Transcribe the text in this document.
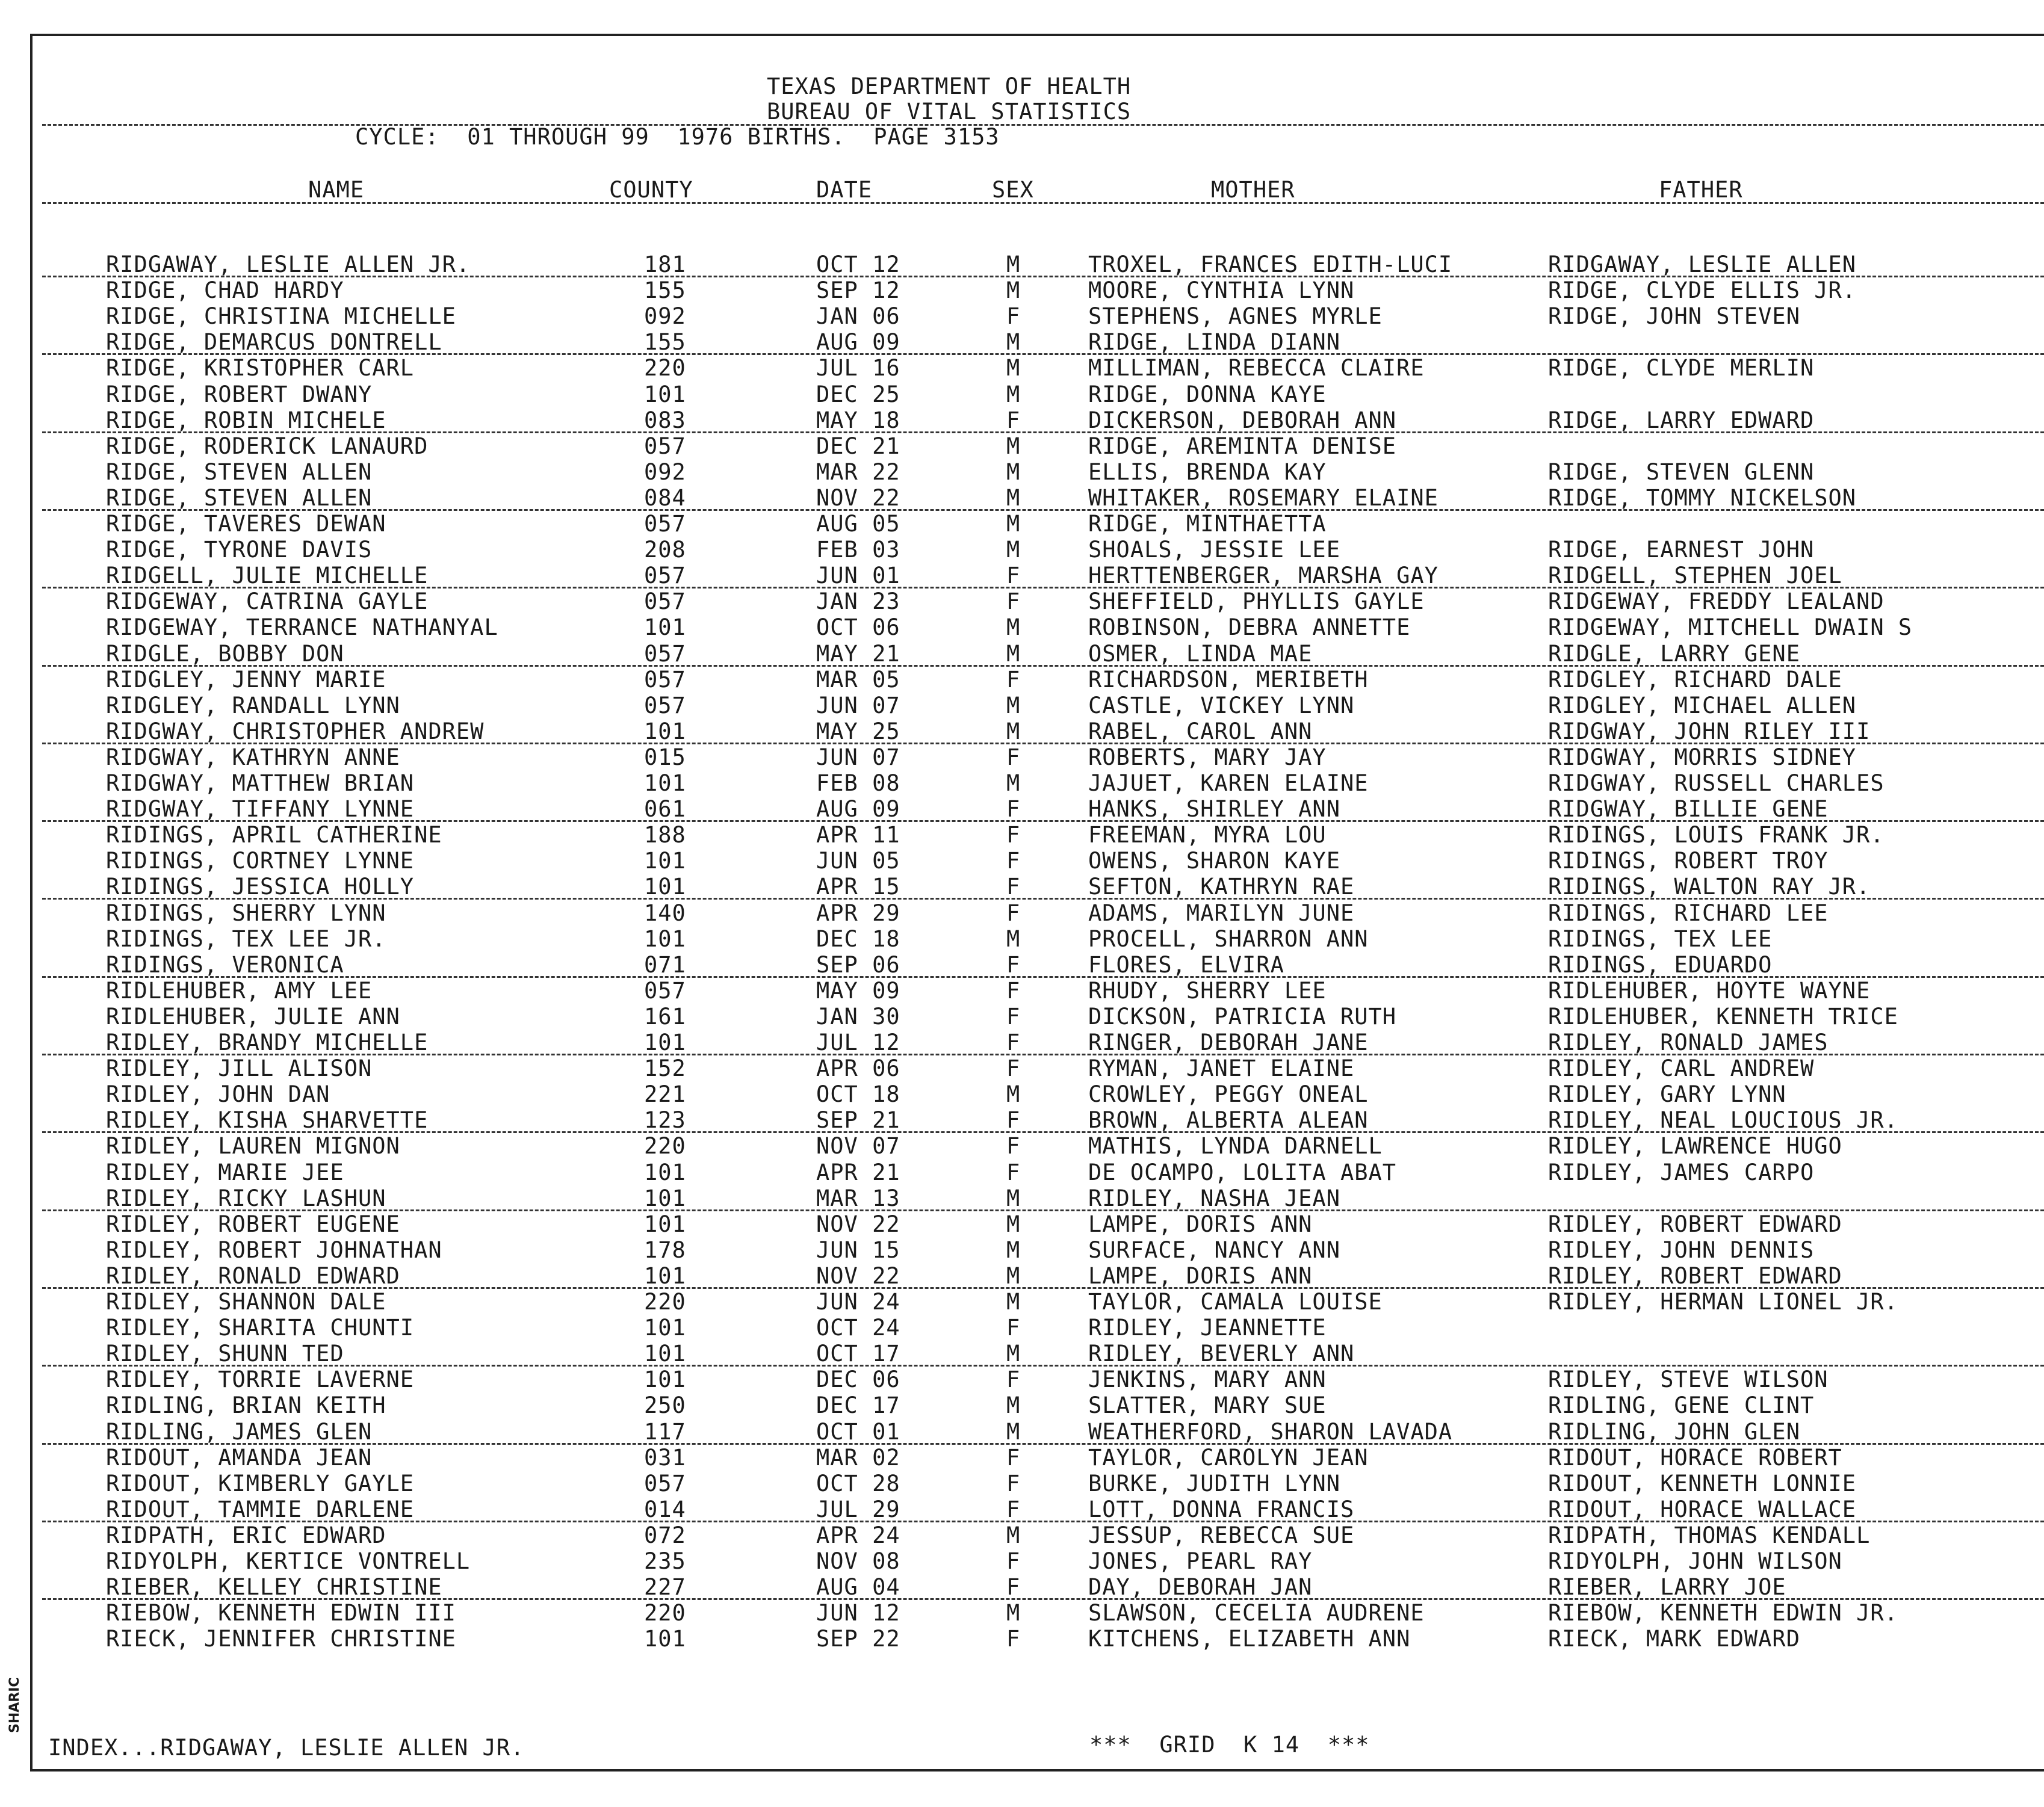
TEXAS DEPARTMENT OF HEALTH
BUREAU OF VITAL STATISTICS
CYCLE:  01 THROUGH 99  1976 BIRTHS.  PAGE 3153
NAME	COUNTY	DATE	SEX	MOTHER	FATHER
RIDGAWAY, LESLIE ALLEN JR.	181	OCT 12	M	TROXEL, FRANCES EDITH-LUCI	RIDGAWAY, LESLIE ALLEN
RIDGE, CHAD HARDY	155	SEP 12	M	MOORE, CYNTHIA LYNN	RIDGE, CLYDE ELLIS JR.
RIDGE, CHRISTINA MICHELLE	092	JAN 06	F	STEPHENS, AGNES MYRLE	RIDGE, JOHN STEVEN
RIDGE, DEMARCUS DONTRELL	155	AUG 09	M	RIDGE, LINDA DIANN
RIDGE, KRISTOPHER CARL	220	JUL 16	M	MILLIMAN, REBECCA CLAIRE	RIDGE, CLYDE MERLIN
RIDGE, ROBERT DWANY	101	DEC 25	M	RIDGE, DONNA KAYE
RIDGE, ROBIN MICHELE	083	MAY 18	F	DICKERSON, DEBORAH ANN	RIDGE, LARRY EDWARD
RIDGE, RODERICK LANAURD	057	DEC 21	M	RIDGE, AREMINTA DENISE
RIDGE, STEVEN ALLEN	092	MAR 22	M	ELLIS, BRENDA KAY	RIDGE, STEVEN GLENN
RIDGE, STEVEN ALLEN	084	NOV 22	M	WHITAKER, ROSEMARY ELAINE	RIDGE, TOMMY NICKELSON
RIDGE, TAVERES DEWAN	057	AUG 05	M	RIDGE, MINTHAETTA
RIDGE, TYRONE DAVIS	208	FEB 03	M	SHOALS, JESSIE LEE	RIDGE, EARNEST JOHN
RIDGELL, JULIE MICHELLE	057	JUN 01	F	HERTTENBERGER, MARSHA GAY	RIDGELL, STEPHEN JOEL
RIDGEWAY, CATRINA GAYLE	057	JAN 23	F	SHEFFIELD, PHYLLIS GAYLE	RIDGEWAY, FREDDY LEALAND
RIDGEWAY, TERRANCE NATHANYAL	101	OCT 06	M	ROBINSON, DEBRA ANNETTE	RIDGEWAY, MITCHELL DWAIN S
RIDGLE, BOBBY DON	057	MAY 21	M	OSMER, LINDA MAE	RIDGLE, LARRY GENE
RIDGLEY, JENNY MARIE	057	MAR 05	F	RICHARDSON, MERIBETH	RIDGLEY, RICHARD DALE
RIDGLEY, RANDALL LYNN	057	JUN 07	M	CASTLE, VICKEY LYNN	RIDGLEY, MICHAEL ALLEN
RIDGWAY, CHRISTOPHER ANDREW	101	MAY 25	M	RABEL, CAROL ANN	RIDGWAY, JOHN RILEY III
RIDGWAY, KATHRYN ANNE	015	JUN 07	F	ROBERTS, MARY JAY	RIDGWAY, MORRIS SIDNEY
RIDGWAY, MATTHEW BRIAN	101	FEB 08	M	JAJUET, KAREN ELAINE	RIDGWAY, RUSSELL CHARLES
RIDGWAY, TIFFANY LYNNE	061	AUG 09	F	HANKS, SHIRLEY ANN	RIDGWAY, BILLIE GENE
RIDINGS, APRIL CATHERINE	188	APR 11	F	FREEMAN, MYRA LOU	RIDINGS, LOUIS FRANK JR.
RIDINGS, CORTNEY LYNNE	101	JUN 05	F	OWENS, SHARON KAYE	RIDINGS, ROBERT TROY
RIDINGS, JESSICA HOLLY	101	APR 15	F	SEFTON, KATHRYN RAE	RIDINGS, WALTON RAY JR.
RIDINGS, SHERRY LYNN	140	APR 29	F	ADAMS, MARILYN JUNE	RIDINGS, RICHARD LEE
RIDINGS, TEX LEE JR.	101	DEC 18	M	PROCELL, SHARRON ANN	RIDINGS, TEX LEE
RIDINGS, VERONICA	071	SEP 06	F	FLORES, ELVIRA	RIDINGS, EDUARDO
RIDLEHUBER, AMY LEE	057	MAY 09	F	RHUDY, SHERRY LEE	RIDLEHUBER, HOYTE WAYNE
RIDLEHUBER, JULIE ANN	161	JAN 30	F	DICKSON, PATRICIA RUTH	RIDLEHUBER, KENNETH TRICE
RIDLEY, BRANDY MICHELLE	101	JUL 12	F	RINGER, DEBORAH JANE	RIDLEY, RONALD JAMES
RIDLEY, JILL ALISON	152	APR 06	F	RYMAN, JANET ELAINE	RIDLEY, CARL ANDREW
RIDLEY, JOHN DAN	221	OCT 18	M	CROWLEY, PEGGY ONEAL	RIDLEY, GARY LYNN
RIDLEY, KISHA SHARVETTE	123	SEP 21	F	BROWN, ALBERTA ALEAN	RIDLEY, NEAL LOUCIOUS JR.
RIDLEY, LAUREN MIGNON	220	NOV 07	F	MATHIS, LYNDA DARNELL	RIDLEY, LAWRENCE HUGO
RIDLEY, MARIE JEE	101	APR 21	F	DE OCAMPO, LOLITA ABAT	RIDLEY, JAMES CARPO
RIDLEY, RICKY LASHUN	101	MAR 13	M	RIDLEY, NASHA JEAN
RIDLEY, ROBERT EUGENE	101	NOV 22	M	LAMPE, DORIS ANN	RIDLEY, ROBERT EDWARD
RIDLEY, ROBERT JOHNATHAN	178	JUN 15	M	SURFACE, NANCY ANN	RIDLEY, JOHN DENNIS
RIDLEY, RONALD EDWARD	101	NOV 22	M	LAMPE, DORIS ANN	RIDLEY, ROBERT EDWARD
RIDLEY, SHANNON DALE	220	JUN 24	M	TAYLOR, CAMALA LOUISE	RIDLEY, HERMAN LIONEL JR.
RIDLEY, SHARITA CHUNTI	101	OCT 24	F	RIDLEY, JEANNETTE
RIDLEY, SHUNN TED	101	OCT 17	M	RIDLEY, BEVERLY ANN
RIDLEY, TORRIE LAVERNE	101	DEC 06	F	JENKINS, MARY ANN	RIDLEY, STEVE WILSON
RIDLING, BRIAN KEITH	250	DEC 17	M	SLATTER, MARY SUE	RIDLING, GENE CLINT
RIDLING, JAMES GLEN	117	OCT 01	M	WEATHERFORD, SHARON LAVADA	RIDLING, JOHN GLEN
RIDOUT, AMANDA JEAN	031	MAR 02	F	TAYLOR, CAROLYN JEAN	RIDOUT, HORACE ROBERT
RIDOUT, KIMBERLY GAYLE	057	OCT 28	F	BURKE, JUDITH LYNN	RIDOUT, KENNETH LONNIE
RIDOUT, TAMMIE DARLENE	014	JUL 29	F	LOTT, DONNA FRANCIS	RIDOUT, HORACE WALLACE
RIDPATH, ERIC EDWARD	072	APR 24	M	JESSUP, REBECCA SUE	RIDPATH, THOMAS KENDALL
RIDYOLPH, KERTICE VONTRELL	235	NOV 08	F	JONES, PEARL RAY	RIDYOLPH, JOHN WILSON
RIEBER, KELLEY CHRISTINE	227	AUG 04	F	DAY, DEBORAH JAN	RIEBER, LARRY JOE
RIEBOW, KENNETH EDWIN III	220	JUN 12	M	SLAWSON, CECELIA AUDRENE	RIEBOW, KENNETH EDWIN JR.
RIECK, JENNIFER CHRISTINE	101	SEP 22	F	KITCHENS, ELIZABETH ANN	RIECK, MARK EDWARD
INDEX...RIDGAWAY, LESLIE ALLEN JR.	***  GRID  K 14  ***
SHARIC
